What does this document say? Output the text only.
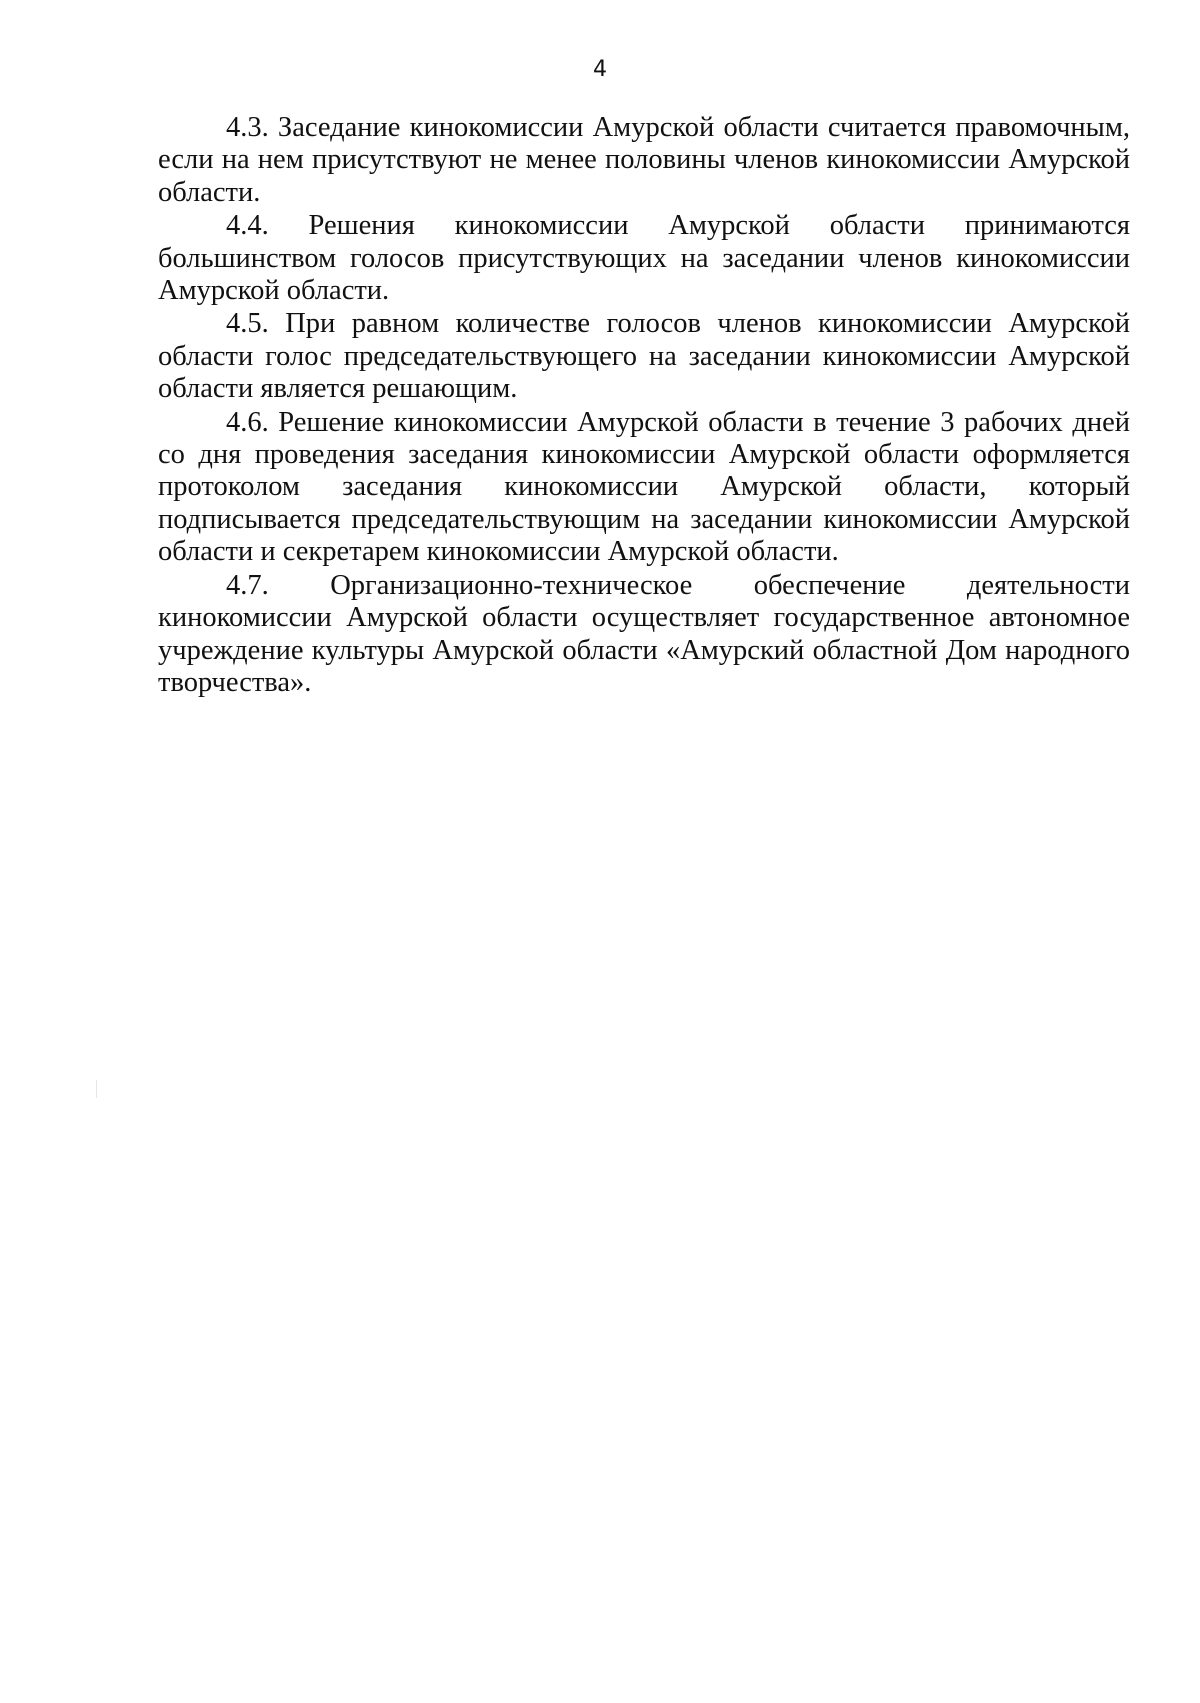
4

4.3. Заседание кинокомиссии Амурской области считается правомочным, если на нем присутствуют не менее половины членов кинокомиссии Амурской области.

4.4. Решения кинокомиссии Амурской области принимаются большинством голосов присутствующих на заседании членов кинокомиссии Амурской области.

4.5. При равном количестве голосов членов кинокомиссии Амурской области голос председательствующего на заседании кинокомиссии Амурской области является решающим.

4.6. Решение кинокомиссии Амурской области в течение 3 рабочих дней со дня проведения заседания кинокомиссии Амурской области оформляется протоколом заседания кинокомиссии Амурской области, который подписывается председательствующим на заседании кинокомиссии Амурской области и секретарем кинокомиссии Амурской области.

4.7. Организационно-техническое обеспечение деятельности кинокомиссии Амурской области осуществляет государственное автономное учреждение культуры Амурской области «Амурский областной Дом народного творчества».
